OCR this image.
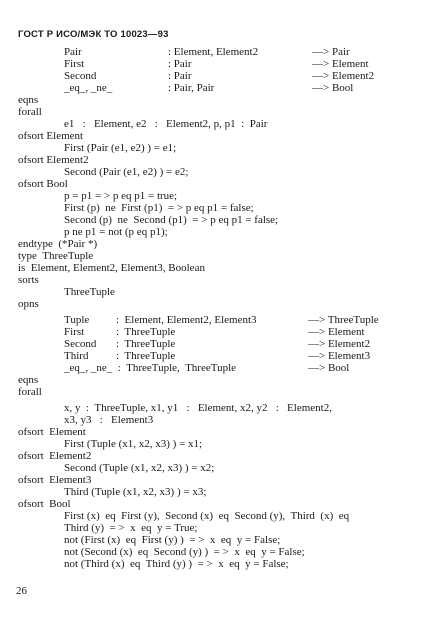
ГОСТ Р ИСО/МЭК ТО 10023—93
Pair	: Element, Element2	—> Pair
First	: Pair	—> Element
Second	: Pair	—> Element2
_eq_, _ne_	: Pair, Pair	—> Bool
eqns
forall
e1   :   Element, e2   :   Element2, p, p1  :  Pair
ofsort Element
First (Pair (e1, e2) ) = e1;
ofsort Element2
Second (Pair (e1, e2) ) = e2;
ofsort Bool
p = p1 = > p eq p1 = true;
First (p)  ne  First (p1)  = > p eq p1 = false;
Second (p)  ne  Second (p1)  = > p eq p1 = false;
p ne p1 = not (p eq p1);
endtype  (*Pair *)
type  ThreeTuple
is  Element, Element2, Element3, Boolean
sorts
ThreeTuple
opns
Tuple :  Element, Element2, Element3	—> ThreeTuple
First	:  ThreeTuple	—> Element
Second :  ThreeTuple	—> Element2
Third	:  ThreeTuple	—> Element3
_eq_, _ne_  :  ThreeTuple,  ThreeTuple	—> Bool
eqns
forall
x, y  :  ThreeTuple, x1, y1   :   Element, x2, y2   :   Element2,
x3, y3   :   Element3
ofsort  Element
First (Tuple (x1, x2, x3) ) = x1;
ofsort  Element2
Second (Tuple (x1, x2, x3) ) = x2;
ofsort  Element3
Third (Tuple (x1, x2, x3) ) = x3;
ofsort  Bool
First (x)  eq  First (y),  Second (x)  eq  Second (y),  Third  (x)  eq
Third (y)  = >  x  eq  y = True;
not (First (x)  eq  First (y) )  = >  x  eq  y = False;
not (Second (x)  eq  Second (y) )  = >  x  eq  y = False;
not (Third (x)  eq  Third (y) )  = >  x  eq  y = False;
26
